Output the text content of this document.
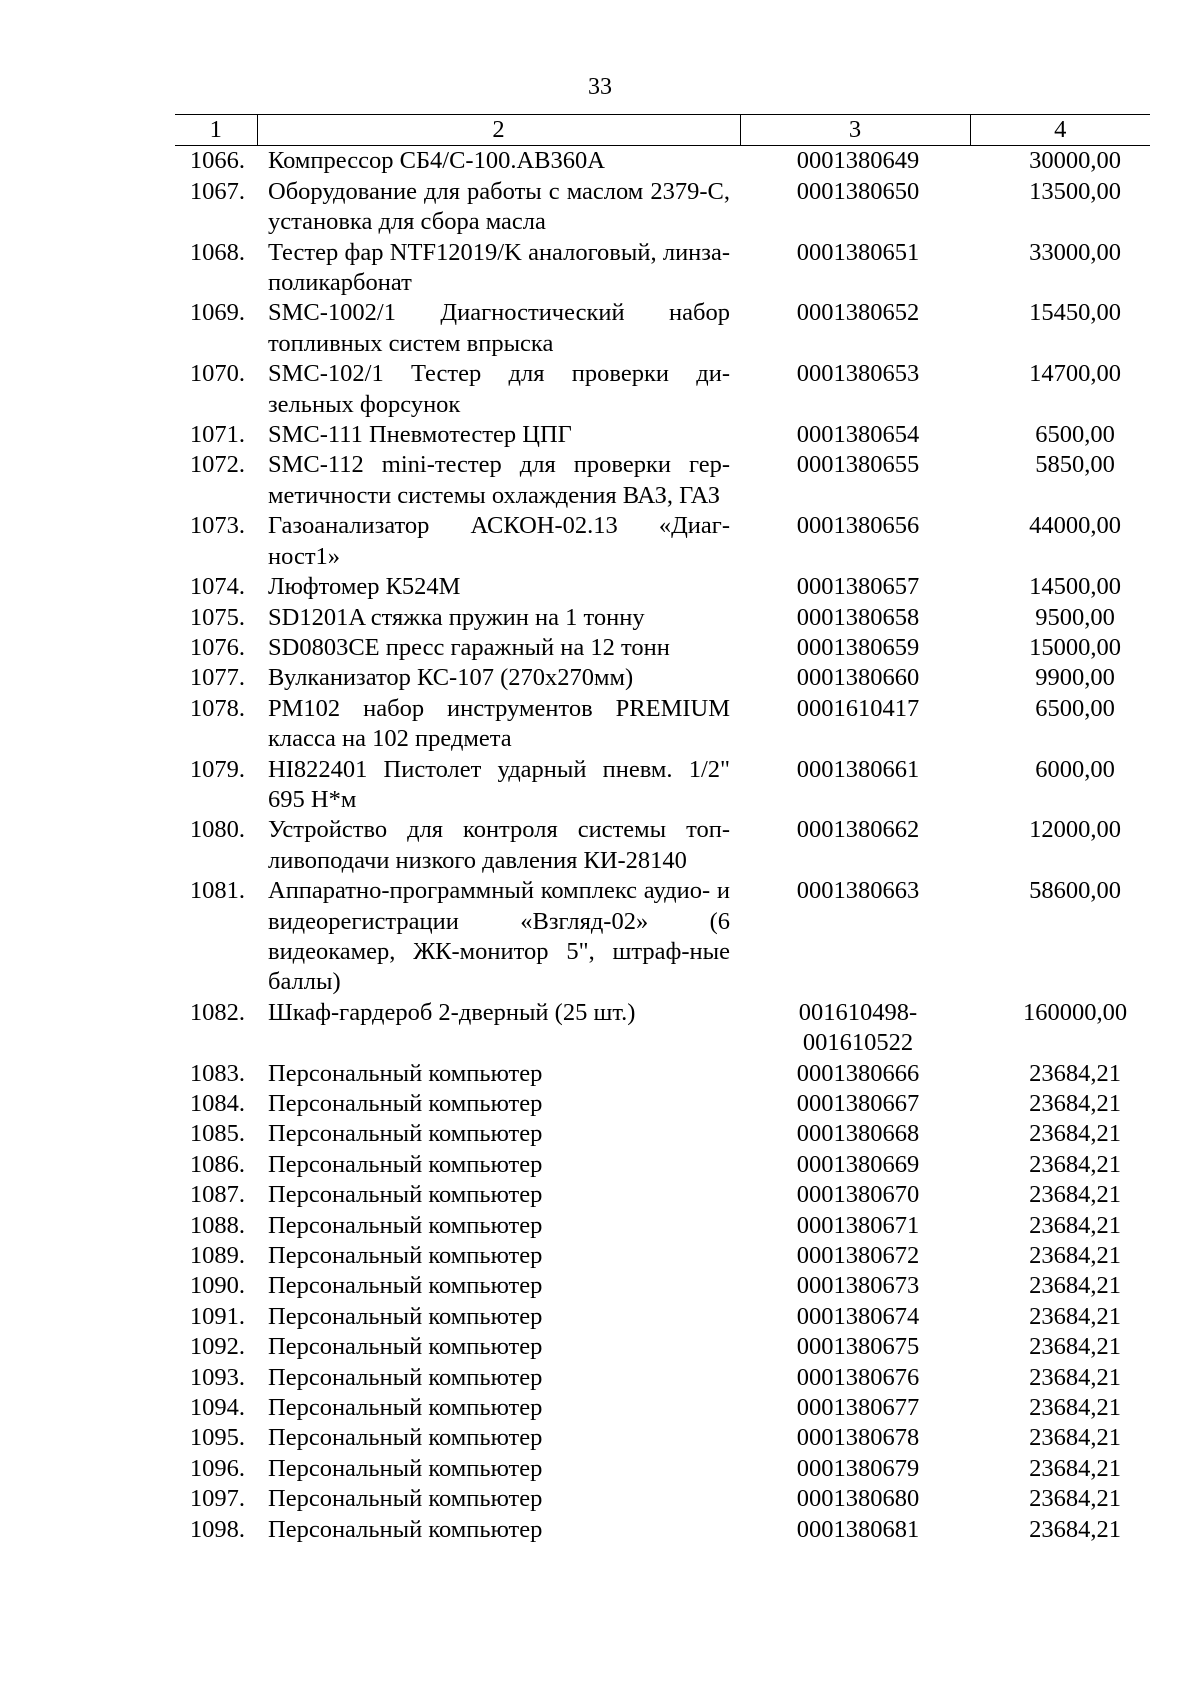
33
1	2	3	4
1066.	Компрессор СБ4/С-100.АВ360А	0001380649	30000,00
1067.	Оборудование для работы с маслом 2379-С, установка для сбора масла	0001380650	13500,00
1068.	Тестер фар NTF12019/K аналоговый, линза-поликарбонат	0001380651	33000,00
1069.	SMC-1002/1 Диагностический набор топливных систем впрыска	0001380652	15450,00
1070.	SMC-102/1 Тестер для проверки ди-зельных форсунок	0001380653	14700,00
1071.	SMC-111 Пневмотестер ЦПГ	0001380654	6500,00
1072.	SMC-112 mini-тестер для проверки гер-метичности системы охлаждения ВАЗ, ГАЗ	0001380655	5850,00
1073.	Газоанализатор АСКОН-02.13 «Диаг-ност1»	0001380656	44000,00
1074.	Люфтомер К524М	0001380657	14500,00
1075.	SD1201A стяжка пружин на 1 тонну	0001380658	9500,00
1076.	SD0803CE пресс гаражный на 12 тонн	0001380659	15000,00
1077.	Вулканизатор КС-107 (270х270мм)	0001380660	9900,00
1078.	PM102 набор инструментов PREMIUM класса на 102 предмета	0001610417	6500,00
1079.	HI822401 Пистолет ударный пневм. 1/2" 695 Н*м	0001380661	6000,00
1080.	Устройство для контроля системы топ-ливоподачи низкого давления КИ-28140	0001380662	12000,00
1081.	Аппаратно-программный комплекс аудио- и видеорегистрации «Взгляд-02» (6 видеокамер, ЖК-монитор 5", штраф-ные баллы)	0001380663	58600,00
1082.	Шкаф-гардероб 2-дверный (25 шт.)	001610498-001610522	160000,00
1083.	Персональный компьютер	0001380666	23684,21
1084.	Персональный компьютер	0001380667	23684,21
1085.	Персональный компьютер	0001380668	23684,21
1086.	Персональный компьютер	0001380669	23684,21
1087.	Персональный компьютер	0001380670	23684,21
1088.	Персональный компьютер	0001380671	23684,21
1089.	Персональный компьютер	0001380672	23684,21
1090.	Персональный компьютер	0001380673	23684,21
1091.	Персональный компьютер	0001380674	23684,21
1092.	Персональный компьютер	0001380675	23684,21
1093.	Персональный компьютер	0001380676	23684,21
1094.	Персональный компьютер	0001380677	23684,21
1095.	Персональный компьютер	0001380678	23684,21
1096.	Персональный компьютер	0001380679	23684,21
1097.	Персональный компьютер	0001380680	23684,21
1098.	Персональный компьютер	0001380681	23684,21
